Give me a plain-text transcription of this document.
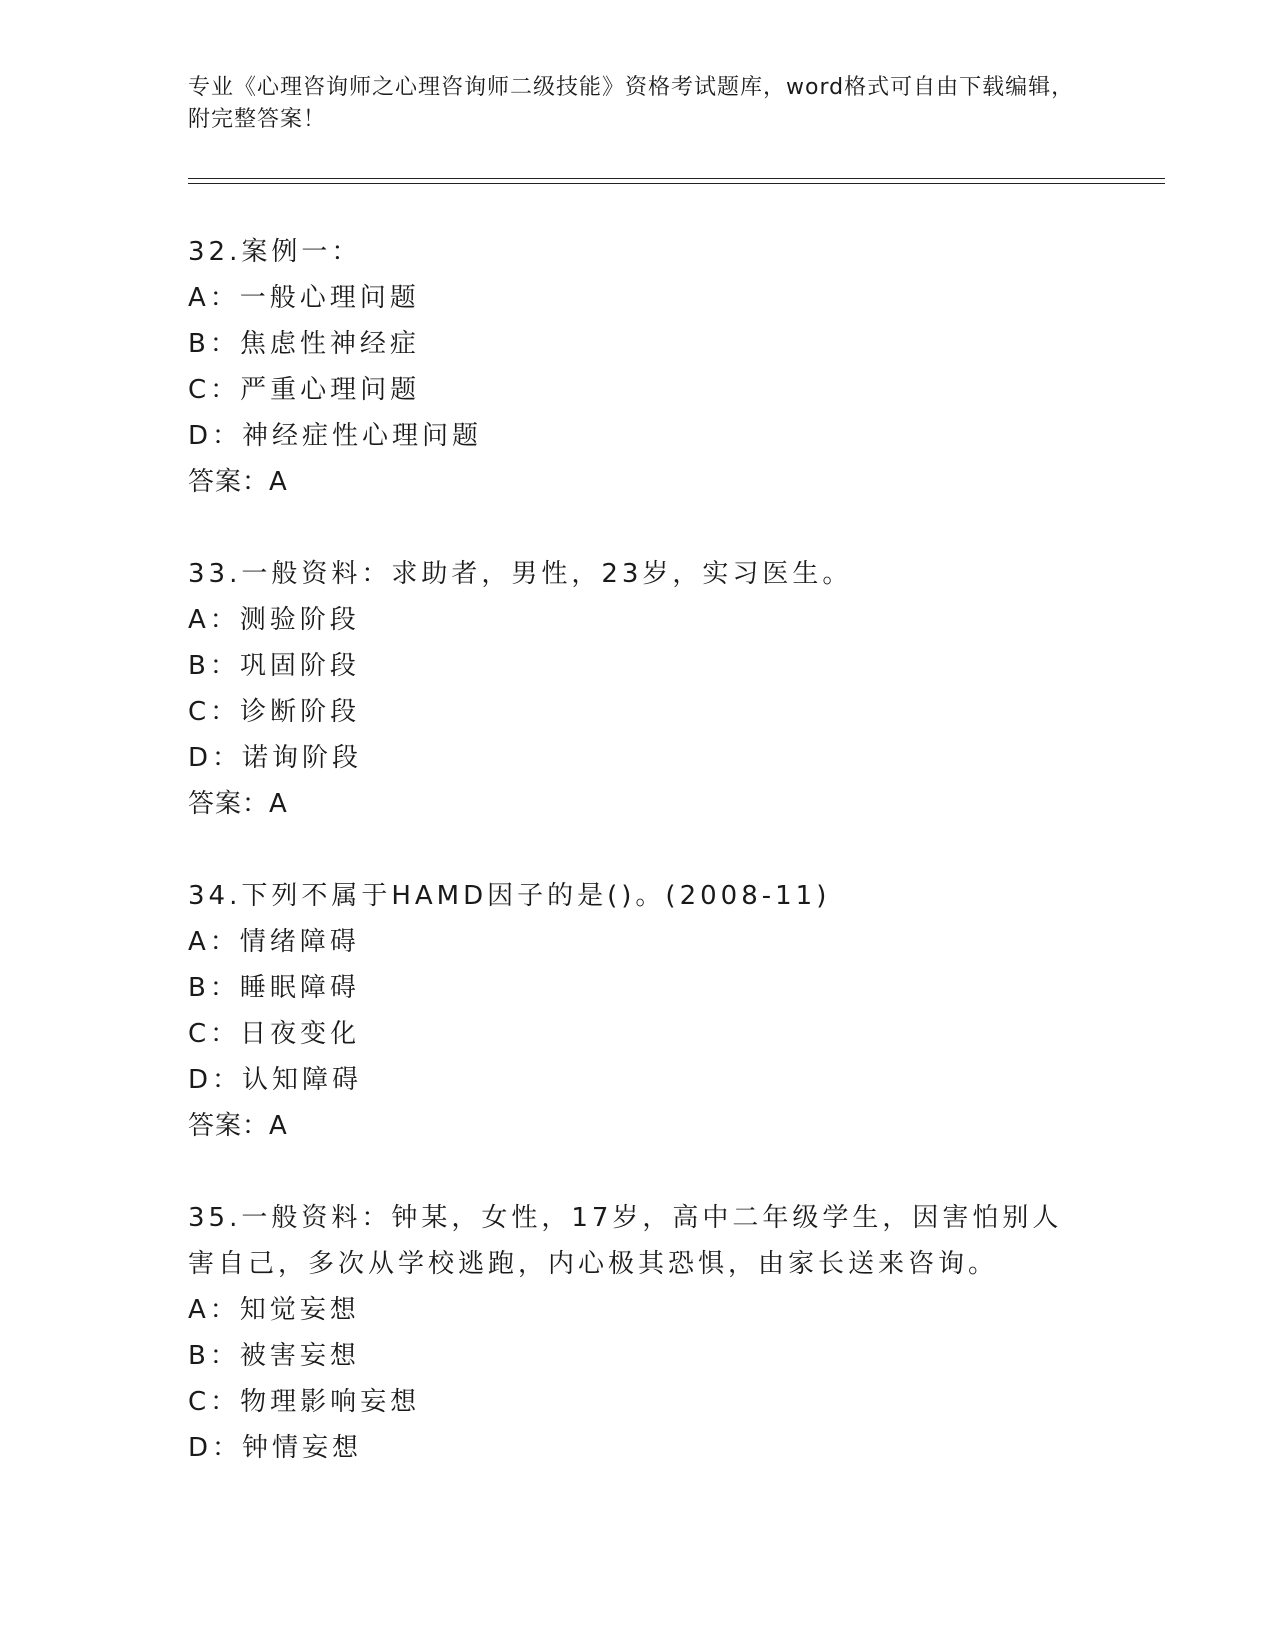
专业《心理咨询师之心理咨询师二级技能》资格考试题库，word格式可自由下载编辑，附完整答案！

32.案例一：

A：一般心理问题

B：焦虑性神经症

C：严重心理问题

D：神经症性心理问题

答案：A

33.一般资料：求助者，男性，23岁，实习医生。

A：测验阶段

B：巩固阶段

C：诊断阶段

D：诺询阶段

答案：A

34.下列不属于HAMD因子的是()。(2008-11)

A：情绪障碍

B：睡眠障碍

C：日夜变化

D：认知障碍

答案：A

35.一般资料：钟某，女性，17岁，高中二年级学生，因害怕别人害自己，多次从学校逃跑，内心极其恐惧，由家长送来咨询。

A：知觉妄想

B：被害妄想

C：物理影响妄想

D：钟情妄想
